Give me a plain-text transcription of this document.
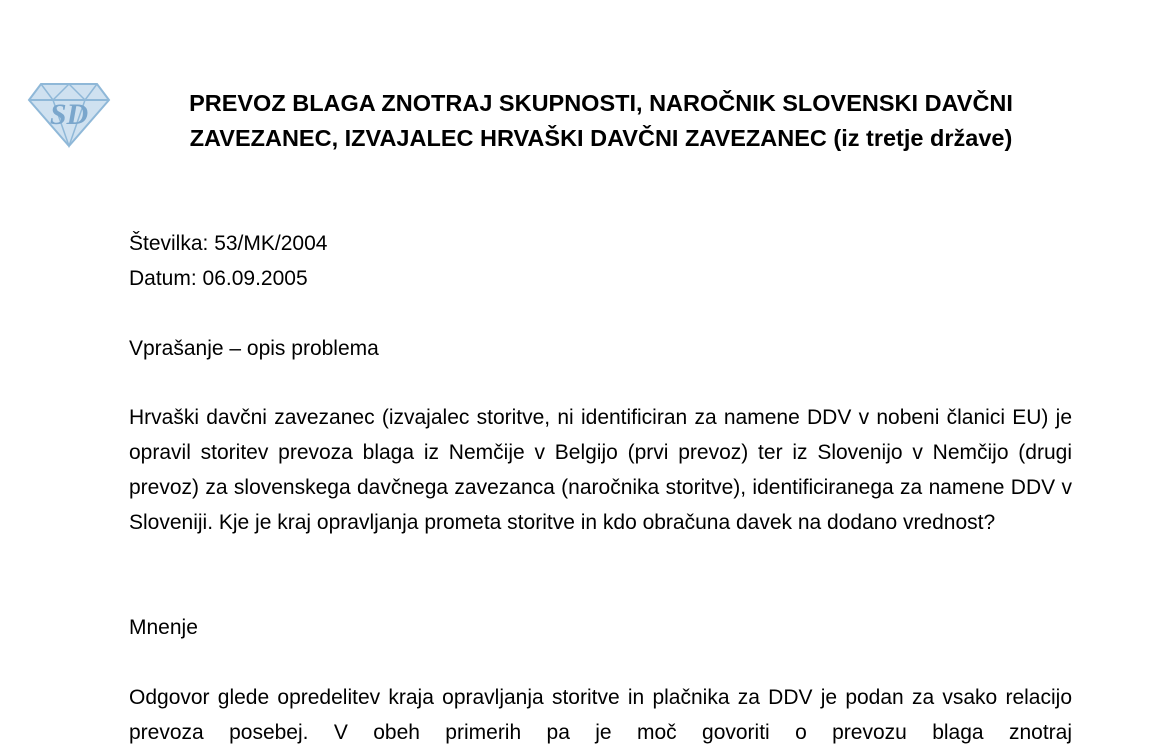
SD	PREVOZ BLAGA ZNOTRAJ SKUPNOSTI, NAROČNIK SLOVENSKI DAVČNI ZAVEZANEC, IZVAJALEC HRVAŠKI DAVČNI ZAVEZANEC (iz tretje države)
Številka: 53/MK/2004
Datum: 06.09.2005
Vprašanje – opis problema

Hrvaški davčni zavezanec (izvajalec storitve, ni identificiran za namene DDV v nobeni članici EU) je opravil storitev prevoza blaga iz Nemčije v Belgijo (prvi prevoz) ter iz Slovenijo v Nemčijo (drugi prevoz) za slovenskega davčnega zavezanca (naročnika storitve), identificiranega za namene DDV v Sloveniji. Kje je kraj opravljanja prometa storitve in kdo obračuna davek na dodano vrednost?

Mnenje

Odgovor glede opredelitev kraja opravljanja storitve in plačnika za DDV je podan za vsako relacijo prevoza posebej. V obeh primerih pa je moč govoriti o prevozu blaga znotraj
